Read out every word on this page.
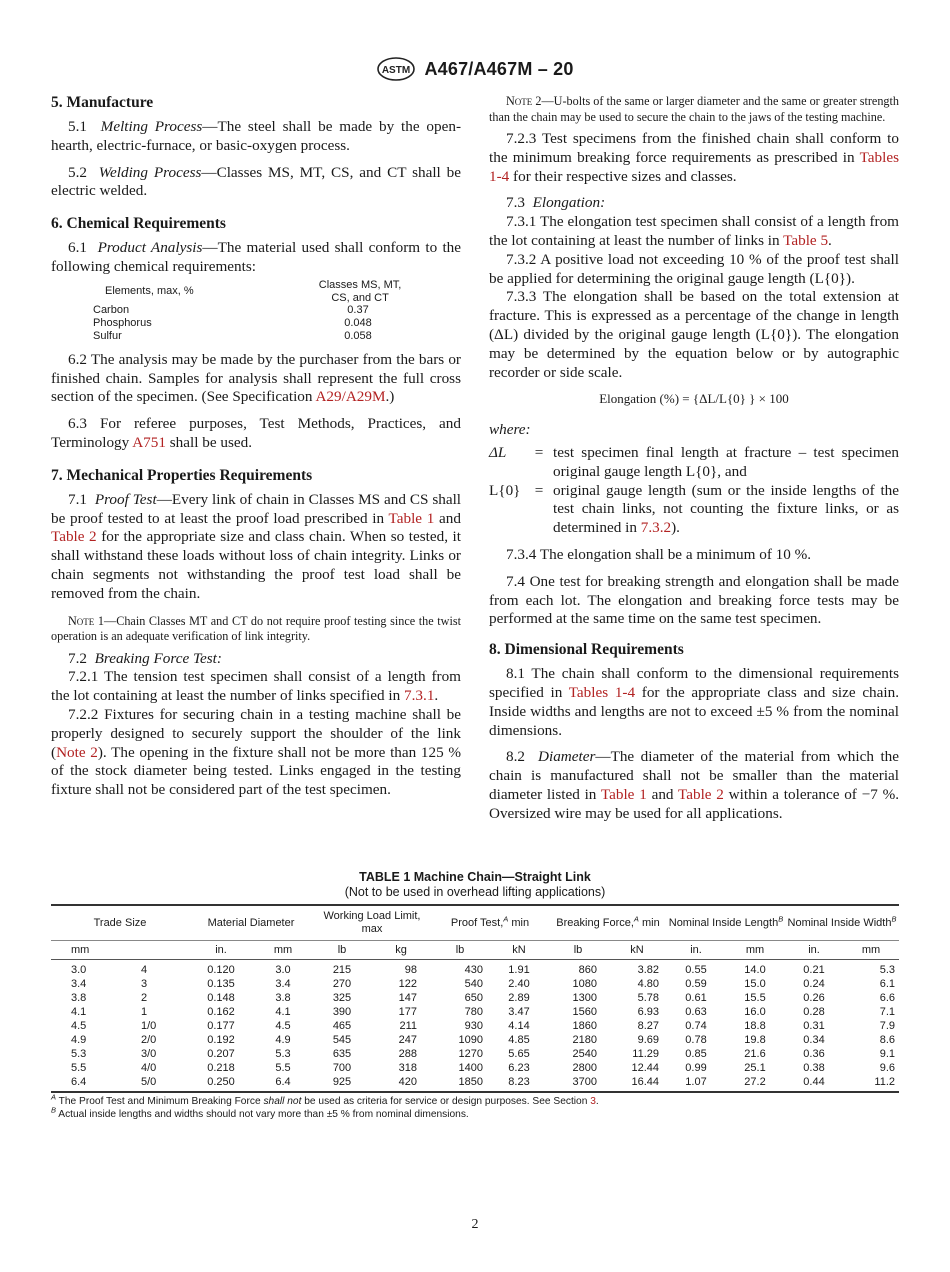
ASTM A467/A467M – 20
5. Manufacture

5.1 Melting Process—The steel shall be made by the open-hearth, electric-furnace, or basic-oxygen process.

5.2 Welding Process—Classes MS, MT, CS, and CT shall be electric welded.

6. Chemical Requirements

6.1 Product Analysis—The material used shall conform to the following chemical requirements:

Elements, max, %	Classes MS, MT,
CS, and CT
Carbon	0.37
Phosphorus	0.048
Sulfur	0.058

6.2 The analysis may be made by the purchaser from the bars or finished chain. Samples for analysis shall represent the full cross section of the specimen. (See Specification A29/A29M.)

6.3 For referee purposes, Test Methods, Practices, and Terminology A751 shall be used.

7. Mechanical Properties Requirements

7.1 Proof Test—Every link of chain in Classes MS and CS shall be proof tested to at least the proof load prescribed in Table 1 and Table 2 for the appropriate size and class chain. When so tested, it shall withstand these loads without loss of chain integrity. Links or chain segments not withstanding the proof test load shall be removed from the chain.

Note 1—Chain Classes MT and CT do not require proof testing since the twist operation is an adequate verification of link integrity.

7.2 Breaking Force Test:

7.2.1 The tension test specimen shall consist of a length from the lot containing at least the number of links specified in 7.3.1.

7.2.2 Fixtures for securing chain in a testing machine shall be properly designed to securely support the shoulder of the link (Note 2). The opening in the fixture shall not be more than 125 % of the stock diameter being tested. Links engaged in the testing fixture shall not be considered part of the test specimen.

Note 2—U-bolts of the same or larger diameter and the same or greater strength than the chain may be used to secure the chain to the jaws of the testing machine.

7.2.3 Test specimens from the finished chain shall conform to the minimum breaking force requirements as prescribed in Tables 1-4 for their respective sizes and classes.

7.3 Elongation:

7.3.1 The elongation test specimen shall consist of a length from the lot containing at least the number of links in Table 5.

7.3.2 A positive load not exceeding 10 % of the proof test shall be applied for determining the original gauge length (L{0}).

7.3.3 The elongation shall be based on the total extension at fracture. This is expressed as a percentage of the change in length (ΔL) divided by the original gauge length (L{0}). The elongation may be determined by the equation below or by autographic recorder or side scale.

Elongation (%) = {ΔL/L{0} } × 100
where:
ΔL	= test specimen final length at fracture – test specimen original gauge length L{0}, and
L{0} = original gauge length (sum or the inside lengths of the test chain links, not counting the fixture links, or as determined in 7.3.2).

7.3.4 The elongation shall be a minimum of 10 %.

7.4 One test for breaking strength and elongation shall be made from each lot. The elongation and breaking force tests may be performed at the same time on the same test specimen.

8. Dimensional Requirements

8.1 The chain shall conform to the dimensional requirements specified in Tables 1-4 for the appropriate class and size chain. Inside widths and lengths are not to exceed ±5 % from the nominal dimensions.

8.2 Diameter—The diameter of the material from which the chain is manufactured shall not be smaller than the material diameter listed in Table 1 and Table 2 within a tolerance of −7 %. Oversized wire may be used for all applications.

TABLE 1 Machine Chain—Straight Link
(Not to be used in overhead lifting applications)
Trade Size		Material Diameter		Working Load Limit, max		Proof Test,$^A$ min		Breaking Force,$^A$ min		Nominal Inside Length$^B$		Nominal Inside Width$^B$
mm		in.	mm	lb	kg	lb	kN	lb	kN	in.	mm	in.	mm
3.0	4	0.120	3.0	215	98	430	1.91	860	3.82	0.55	14.0	0.21	5.3
3.4	3	0.135	3.4	270	122	540	2.40	1080	4.80	0.59	15.0	0.24	6.1
3.8	2	0.148	3.8	325	147	650	2.89	1300	5.78	0.61	15.5	0.26	6.6
4.1	1	0.162	4.1	390	177	780	3.47	1560	6.93	0.63	16.0	0.28	7.1
4.5	1/0	0.177	4.5	465	211	930	4.14	1860	8.27	0.74	18.8	0.31	7.9
4.9	2/0	0.192	4.9	545	247	1090	4.85	2180	9.69	0.78	19.8	0.34	8.6
5.3	3/0	0.207	5.3	635	288	1270	5.65	2540	11.29	0.85	21.6	0.36	9.1
5.5	4/0	0.218	5.5	700	318	1400	6.23	2800	12.44	0.99	25.1	0.38	9.6
6.4	5/0	0.250	6.4	925	420	1850	8.23	3700	16.44	1.07	27.2	0.44	11.2
$^A$ The Proof Test and Minimum Breaking Force shall not be used as criteria for service or design purposes. See Section 3.
$^B$ Actual inside lengths and widths should not vary more than ±5 % from nominal dimensions.
2
